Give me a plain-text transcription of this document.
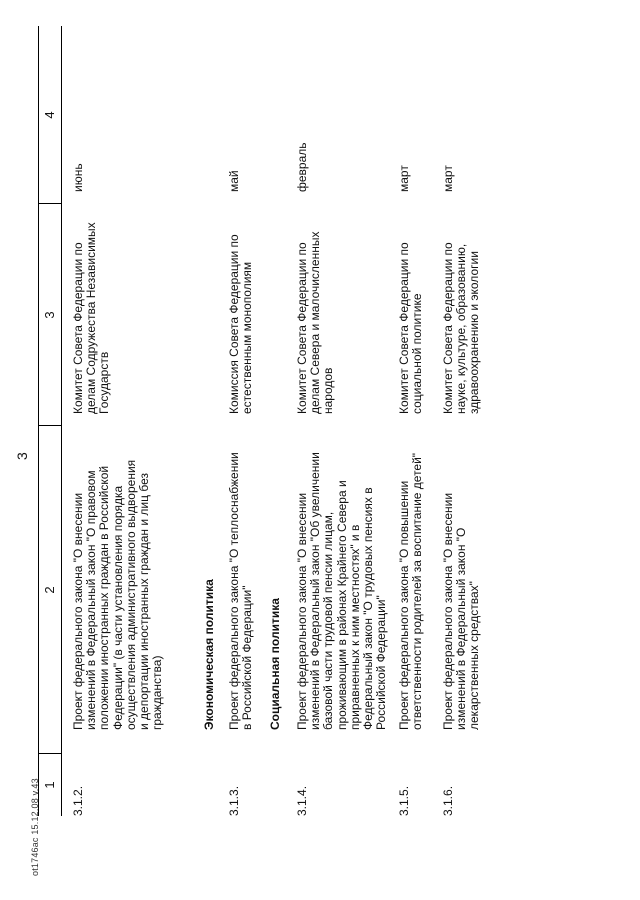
ot1746ac 15.12.08 v.43
3
1
2
3
4
3.1.2.
Проект федерального закона "О внесении изменений в Федеральный закон "О правовом положении иностранных граждан в Российской Федерации" (в части установления порядка осуществления административного выдворения и депортации иностранных граждан и лиц без гражданства)
Комитет Совета Федерации по делам Содружества Независимых Государств
июнь
Экономическая политика
3.1.3.
Проект федерального закона "О теплоснабжении в Российской Федерации"
Комиссия Совета Федерации по естественным монополиям
май
Социальная политика
3.1.4.
Проект федерального закона "О внесении изменений в Федеральный закон "Об увеличении базовой части трудовой пенсии лицам, проживающим в районах Крайнего Севера и приравненных к ним местностях" и в Федеральный закон "О трудовых пенсиях в Российской Федерации"
Комитет Совета Федерации по делам Севера и малочисленных народов
февраль
3.1.5.
Проект федерального закона "О повышении ответственности родителей за воспитание детей"
Комитет Совета Федерации по социальной политике
март
3.1.6.
Проект федерального закона "О внесении изменений в Федеральный закон "О лекарственных средствах"
Комитет Совета Федерации по науке, культуре, образованию, здравоохранению и экологии
март
